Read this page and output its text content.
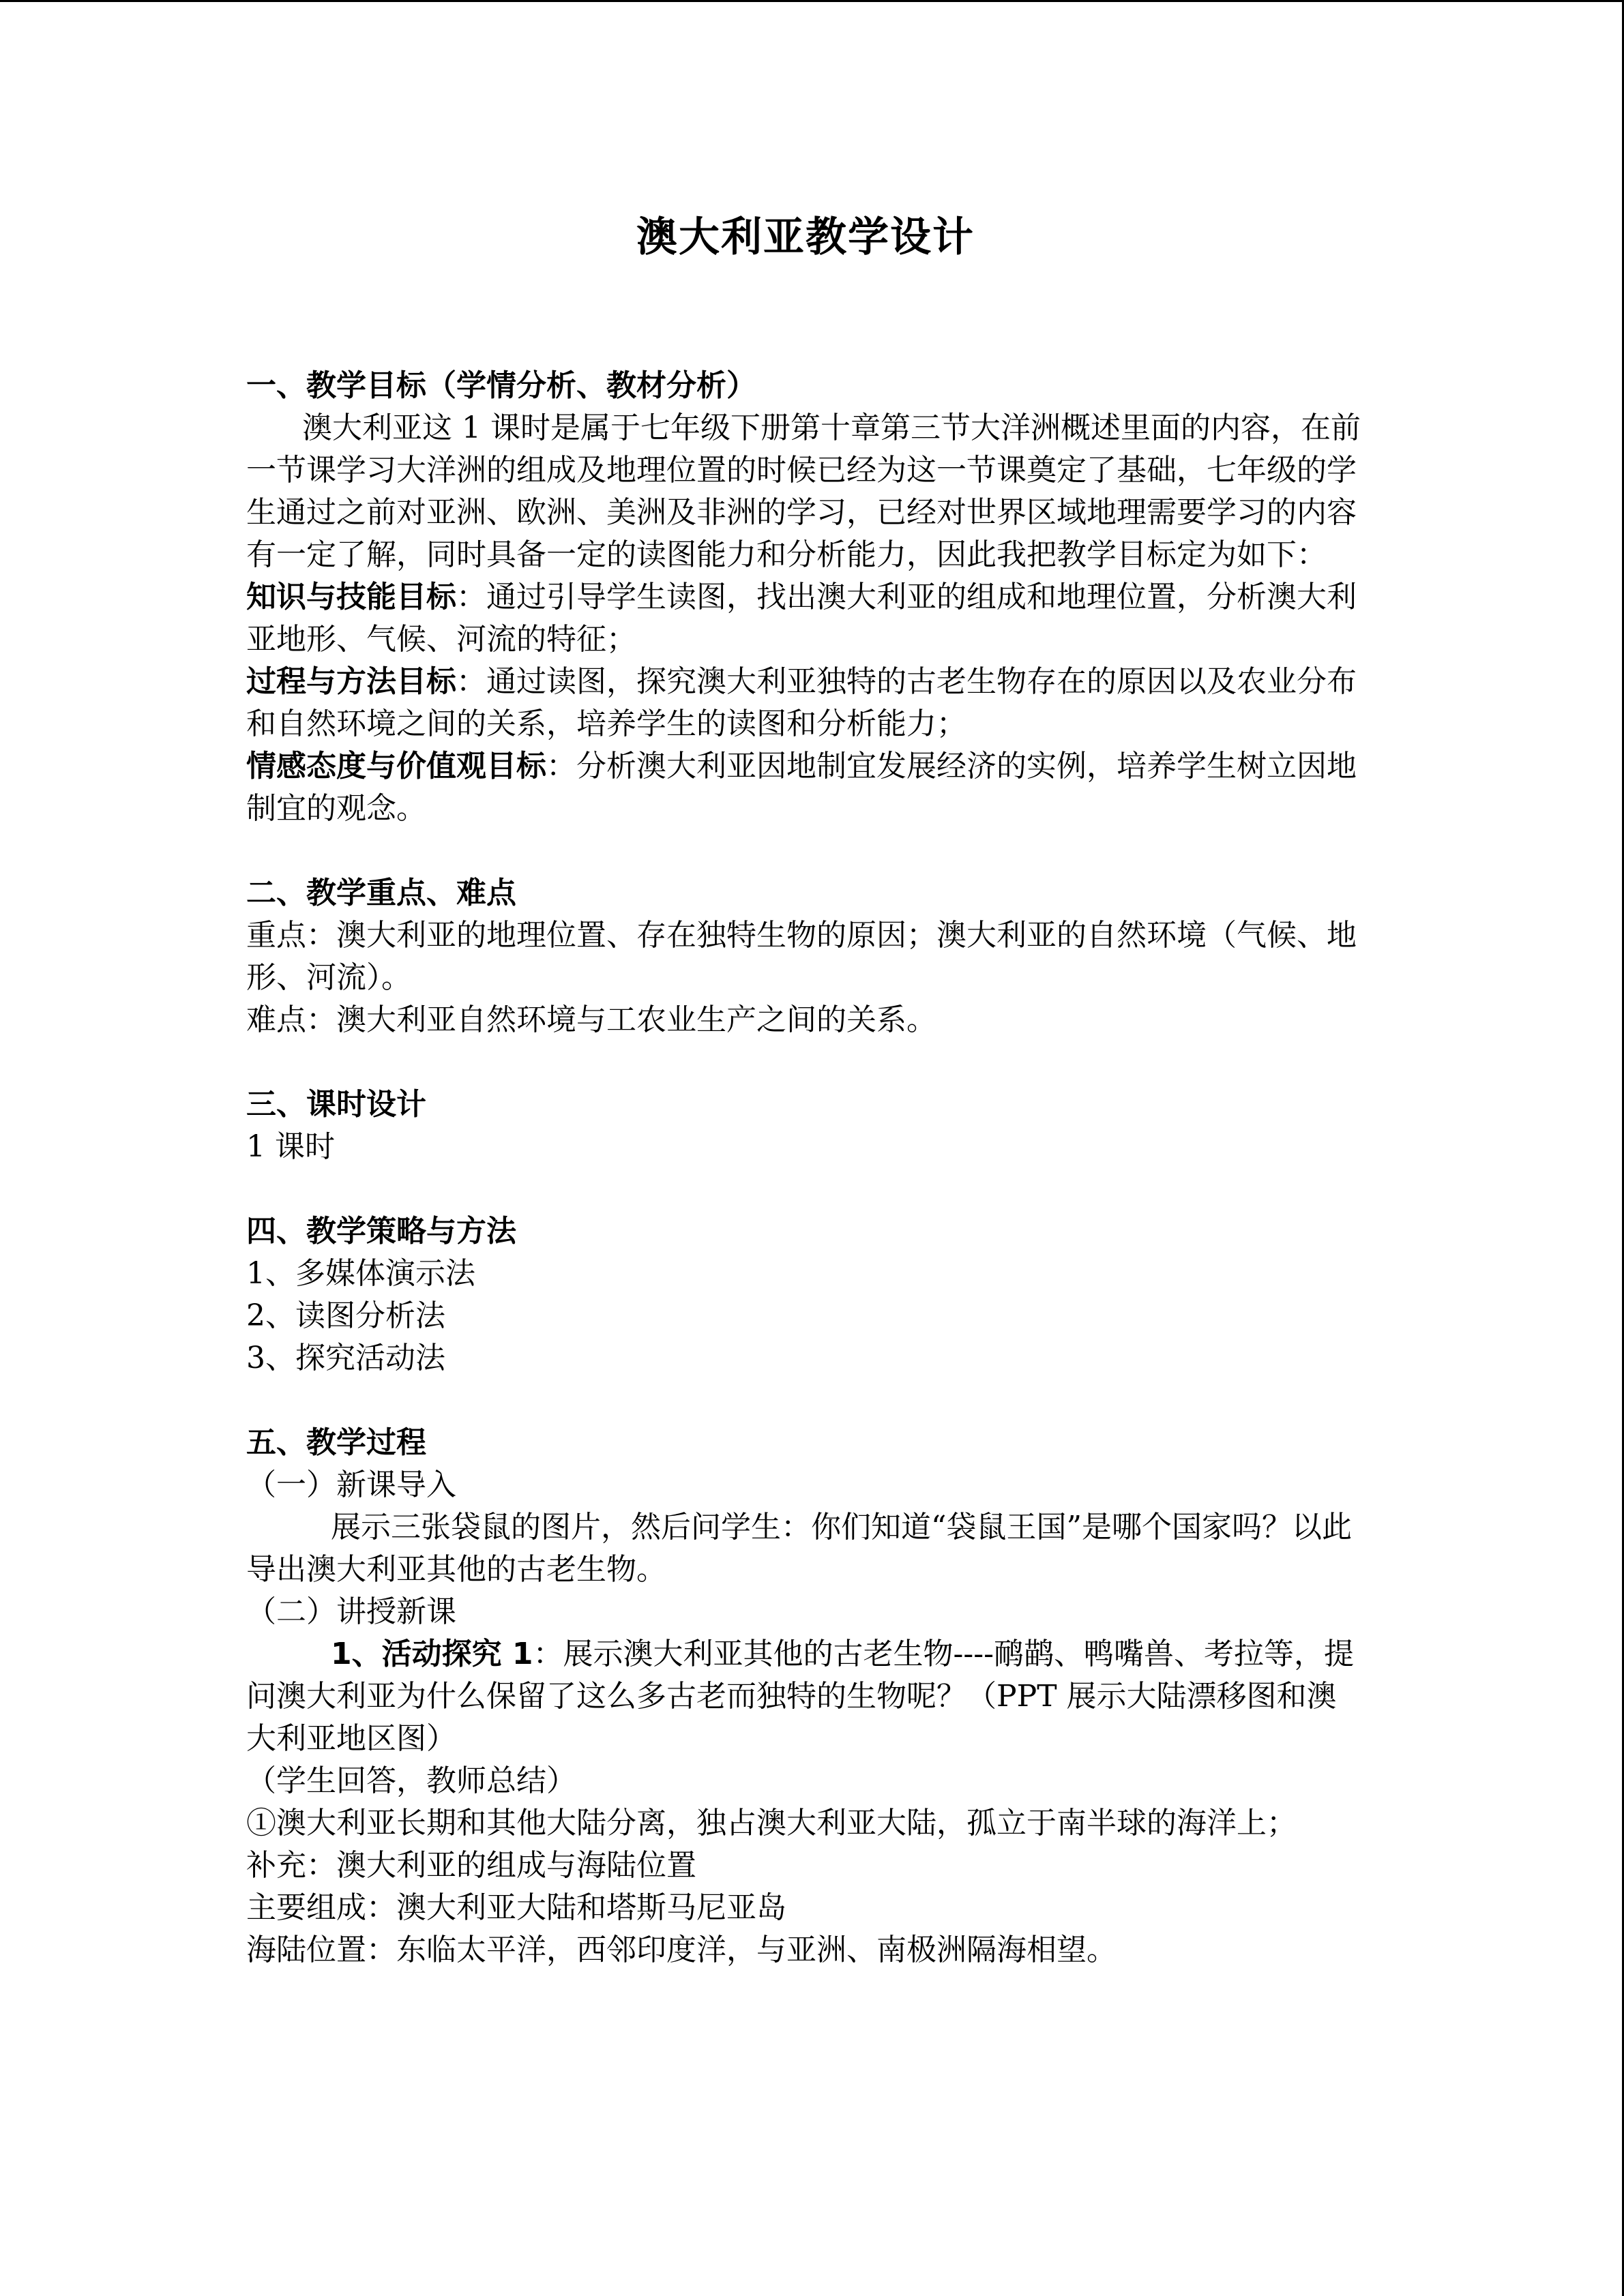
澳大利亚教学设计
一、教学目标（学情分析、教材分析）

澳大利亚这 1 课时是属于七年级下册第十章第三节大洋洲概述里面的内容，在前一节课学习大洋洲的组成及地理位置的时候已经为这一节课奠定了基础，七年级的学生通过之前对亚洲、欧洲、美洲及非洲的学习，已经对世界区域地理需要学习的内容有一定了解，同时具备一定的读图能力和分析能力，因此我把教学目标定为如下：

知识与技能目标：通过引导学生读图，找出澳大利亚的组成和地理位置，分析澳大利亚地形、气候、河流的特征；

过程与方法目标：通过读图，探究澳大利亚独特的古老生物存在的原因以及农业分布和自然环境之间的关系，培养学生的读图和分析能力；

情感态度与价值观目标：分析澳大利亚因地制宜发展经济的实例，培养学生树立因地制宜的观念。

二、教学重点、难点

重点：澳大利亚的地理位置、存在独特生物的原因；澳大利亚的自然环境（气候、地形、河流）。

难点：澳大利亚自然环境与工农业生产之间的关系。

三、课时设计

1 课时

四、教学策略与方法

1、多媒体演示法

2、读图分析法

3、探究活动法

五、教学过程

（一）新课导入

展示三张袋鼠的图片，然后问学生：你们知道“袋鼠王国”是哪个国家吗？以此导出澳大利亚其他的古老生物。

（二）讲授新课

1、活动探究 1：展示澳大利亚其他的古老生物----鸸鹋、鸭嘴兽、考拉等，提问澳大利亚为什么保留了这么多古老而独特的生物呢？（PPT 展示大陆漂移图和澳大利亚地区图）

（学生回答，教师总结）

①澳大利亚长期和其他大陆分离，独占澳大利亚大陆，孤立于南半球的海洋上；

补充：澳大利亚的组成与海陆位置

主要组成：澳大利亚大陆和塔斯马尼亚岛

海陆位置：东临太平洋，西邻印度洋，与亚洲、南极洲隔海相望。
